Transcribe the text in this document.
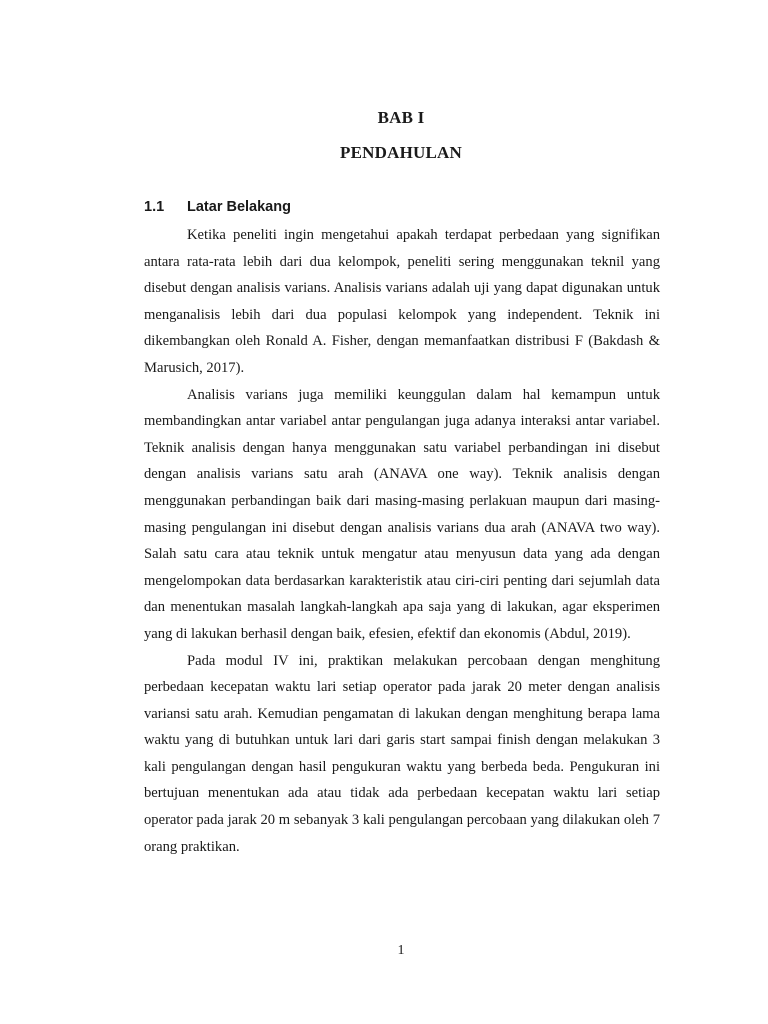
BAB I
PENDAHULAN
1.1 Latar Belakang

Ketika peneliti ingin mengetahui apakah terdapat perbedaan yang signifikan antara rata-rata lebih dari dua kelompok, peneliti sering menggunakan teknil yang disebut dengan analisis varians. Analisis varians adalah uji yang dapat digunakan untuk menganalisis lebih dari dua populasi kelompok yang independent. Teknik ini dikembangkan oleh Ronald A. Fisher, dengan memanfaatkan distribusi F (Bakdash & Marusich, 2017).

Analisis varians juga memiliki keunggulan dalam hal kemampun untuk membandingkan antar variabel antar pengulangan juga adanya interaksi antar variabel. Teknik analisis dengan hanya menggunakan satu variabel perbandingan ini disebut dengan analisis varians satu arah (ANAVA one way). Teknik analisis dengan menggunakan perbandingan baik dari masing-masing perlakuan maupun dari masing-masing pengulangan ini disebut dengan analisis varians dua arah (ANAVA two way). Salah satu cara atau teknik untuk mengatur atau menyusun data yang ada dengan mengelompokan data berdasarkan karakteristik atau ciri-ciri penting dari sejumlah data dan menentukan masalah langkah-langkah apa saja yang di lakukan, agar eksperimen yang di lakukan berhasil dengan baik, efesien, efektif dan ekonomis (Abdul, 2019).

Pada modul IV ini, praktikan melakukan percobaan dengan menghitung perbedaan kecepatan waktu lari setiap operator pada jarak 20 meter dengan analisis variansi satu arah. Kemudian pengamatan di lakukan dengan menghitung berapa lama waktu yang di butuhkan untuk lari dari garis start sampai finish dengan melakukan 3 kali pengulangan dengan hasil pengukuran waktu yang berbeda beda. Pengukuran ini bertujuan menentukan ada atau tidak ada perbedaan kecepatan waktu lari setiap operator pada jarak 20 m sebanyak 3 kali pengulangan percobaan yang dilakukan oleh 7 orang praktikan.

1
